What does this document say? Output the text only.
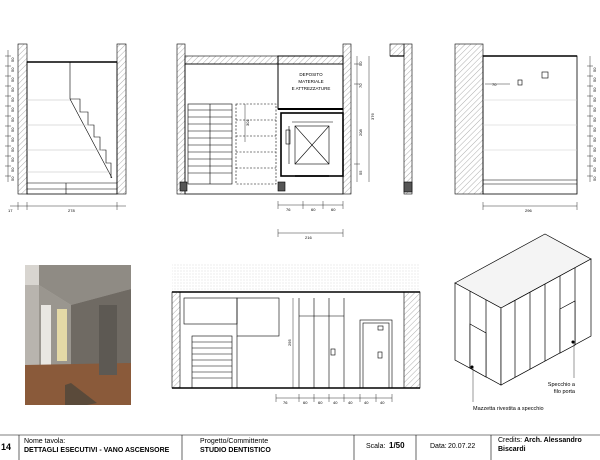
50
50
50
50
50
50
50
50
50
50
50
50
50
17	278
DEPOSITO
MATERIALE
E ATTREZZATURE
50
70
208
55
376
301
76	60	60
216
50
50
50
50
50
50
50
50
50
50
50
50
70
296
295
76	60	60	40	40	40	40
Specchio a
filo porta
Mazzetta rivestita a specchio
14
Nome tavola:
DETTAGLI ESECUTIVI - VANO ASCENSORE
Progetto/Committente
STUDIO DENTISTICO
Scala: 1/50	Data: 20.07.22
Credits: Arch. Alessandro
Biscardi
